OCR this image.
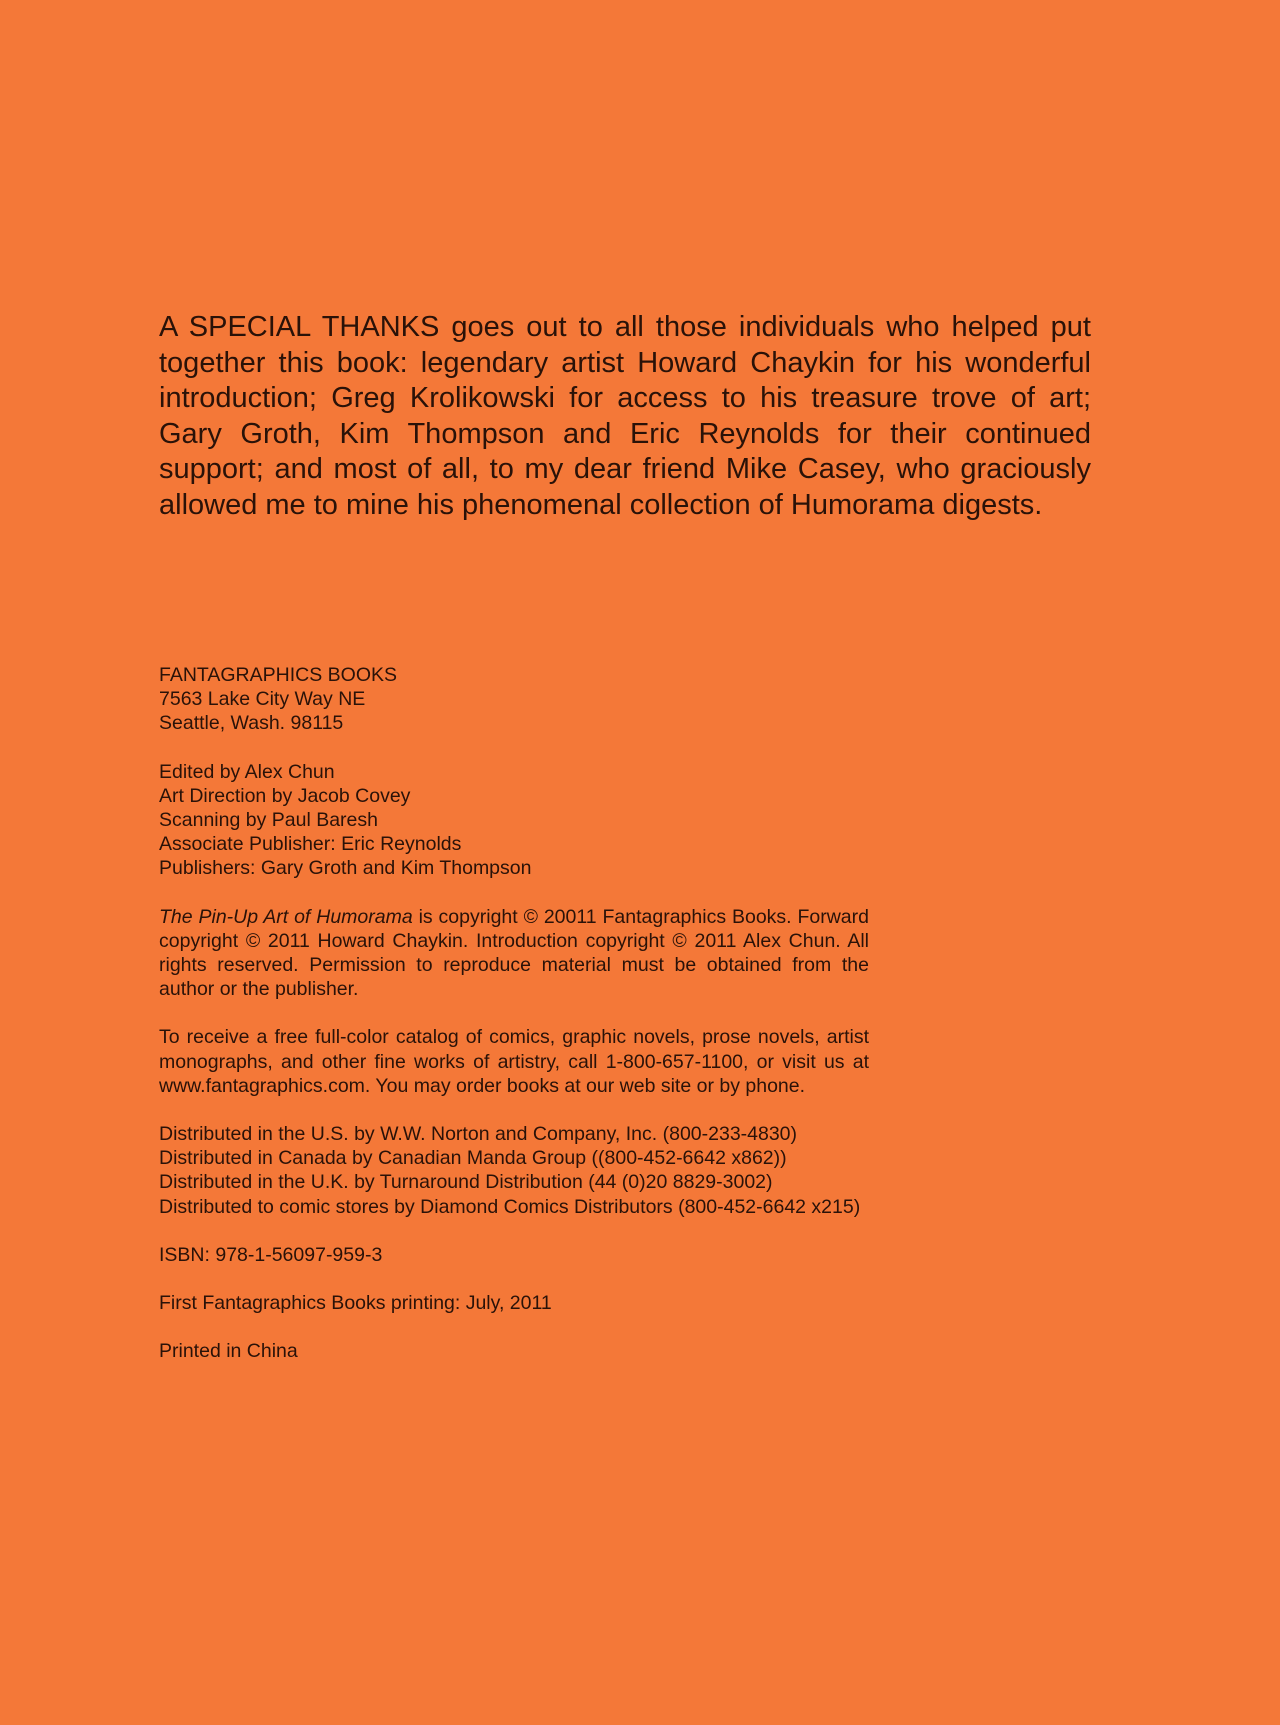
A SPECIAL THANKS goes out to all those individuals who helped put together this book: legendary artist Howard Chaykin for his wonderful introduction; Greg Krolikowski for access to his treasure trove of art; Gary Groth, Kim Thompson and Eric Reynolds for their continued support; and most of all, to my dear friend Mike Casey, who graciously allowed me to mine his phenomenal collection of Humorama digests.

FANTAGRAPHICS BOOKS
7563 Lake City Way NE
Seattle, Wash. 98115
Edited by Alex Chun
Art Direction by Jacob Covey
Scanning by Paul Baresh
Associate Publisher: Eric Reynolds
Publishers: Gary Groth and Kim Thompson

The Pin-Up Art of Humorama is copyright © 20011 Fantagraphics Books. Forward copyright © 2011 Howard Chaykin. Introduction copyright © 2011 Alex Chun. All rights reserved. Permission to reproduce material must be obtained from the author or the publisher.

To receive a free full-color catalog of comics, graphic novels, prose novels, artist monographs, and other fine works of artistry, call 1-800-657-1100, or visit us at www.fantagraphics.com. You may order books at our web site or by phone.

Distributed in the U.S. by W.W. Norton and Company, Inc. (800-233-4830)
Distributed in Canada by Canadian Manda Group ((800-452-6642 x862))
Distributed in the U.K. by Turnaround Distribution (44 (0)20 8829-3002)
Distributed to comic stores by Diamond Comics Distributors (800-452-6642 x215)
ISBN: 978-1-56097-959-3
First Fantagraphics Books printing: July, 2011
Printed in China
